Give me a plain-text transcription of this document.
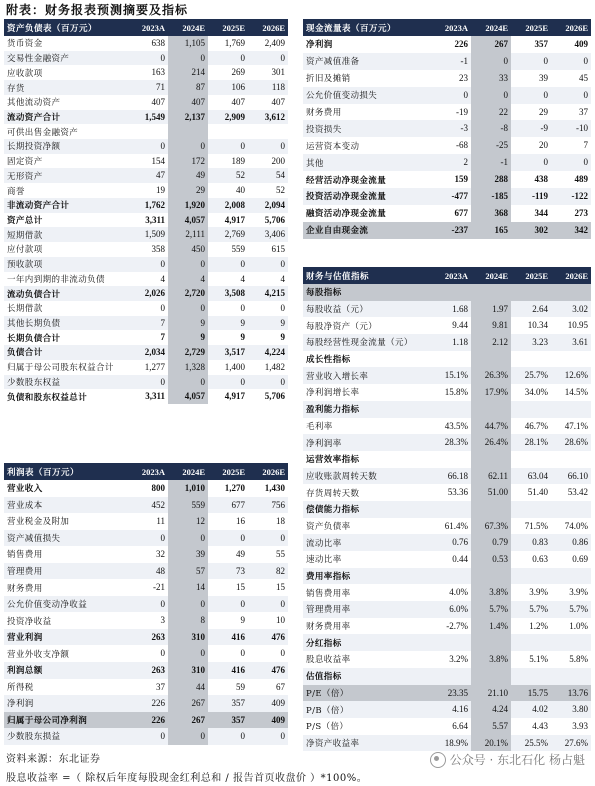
附表：财务报表预测摘要及指标
资产负债表（百万元）	2023A	2024E	2025E	2026E
货币资金	638	1,105	1,769	2,409
交易性金融资产	0	0	0	0
应收款项	163	214	269	301
存货	71	87	106	118
其他流动资产	407	407	407	407
流动资产合计	1,549	2,137	2,909	3,612
可供出售金融资产
长期投资净额	0	0	0	0
固定资产	154	172	189	200
无形资产	47	49	52	54
商誉	19	29	40	52
非流动资产合计	1,762	1,920	2,008	2,094
资产总计	3,311	4,057	4,917	5,706
短期借款	1,509	2,111	2,769	3,406
应付款项	358	450	559	615
预收款项	0	0	0	0
一年内到期的非流动负债	4	4	4	4
流动负债合计	2,026	2,720	3,508	4,215
长期借款	0	0	0	0
其他长期负债	7	9	9	9
长期负债合计	7	9	9	9
负债合计	2,034	2,729	3,517	4,224
归属于母公司股东权益合计	1,277	1,328	1,400	1,482
少数股东权益	0	0	0	0
负债和股东权益总计	3,311	4,057	4,917	5,706
现金流量表（百万元）	2023A	2024E	2025E	2026E
净利润	226	267	357	409
资产减值准备	-1	0	0	0
折旧及摊销	23	33	39	45
公允价值变动损失	0	0	0	0
财务费用	-19	22	29	37
投资损失	-3	-8	-9	-10
运营资本变动	-68	-25	20	7
其他	2	-1	0	0
经营活动净现金流量	159	288	438	489
投资活动净现金流量	-477	-185	-119	-122
融资活动净现金流量	677	368	344	273
企业自由现金流	-237	165	302	342
利润表（百万元）	2023A	2024E	2025E	2026E
营业收入	800	1,010	1,270	1,430
营业成本	452	559	677	756
营业税金及附加	11	12	16	18
资产减值损失	0	0	0	0
销售费用	32	39	49	55
管理费用	48	57	73	82
财务费用	-21	14	15	15
公允价值变动净收益	0	0	0	0
投资净收益	3	8	9	10
营业利润	263	310	416	476
营业外收支净额	0	0	0	0
利润总额	263	310	416	476
所得税	37	44	59	67
净利润	226	267	357	409
归属于母公司净利润	226	267	357	409
少数股东损益	0	0	0	0
财务与估值指标	2023A	2024E	2025E	2026E
每股指标
每股收益（元）	1.68	1.97	2.64	3.02
每股净资产（元）	9.44	9.81	10.34	10.95
每股经营性现金流量（元）	1.18	2.12	3.23	3.61
成长性指标
营业收入增长率	15.1%	26.3%	25.7%	12.6%
净利润增长率	15.8%	17.9%	34.0%	14.5%
盈利能力指标
毛利率	43.5%	44.7%	46.7%	47.1%
净利润率	28.3%	26.4%	28.1%	28.6%
运营效率指标
应收账款周转天数	66.18	62.11	63.04	66.10
存货周转天数	53.36	51.00	51.40	53.42
偿债能力指标
资产负债率	61.4%	67.3%	71.5%	74.0%
流动比率	0.76	0.79	0.83	0.86
速动比率	0.44	0.53	0.63	0.69
费用率指标
销售费用率	4.0%	3.8%	3.9%	3.9%
管理费用率	6.0%	5.7%	5.7%	5.7%
财务费用率	-2.7%	1.4%	1.2%	1.0%
分红指标
股息收益率	3.2%	3.8%	5.1%	5.8%
估值指标
P/E（倍）	23.35	21.10	15.75	13.76
P/B（倍）	4.16	4.24	4.02	3.80
P/S（倍）	6.64	5.57	4.43	3.93
净资产收益率	18.9%	20.1%	25.5%	27.6%
资料来源：东北证券
股息收益率 =（ 除权后年度每股现金红利总和 / 报告首页收盘价 ）*100%。
公众号 · 东北石化 杨占魁
